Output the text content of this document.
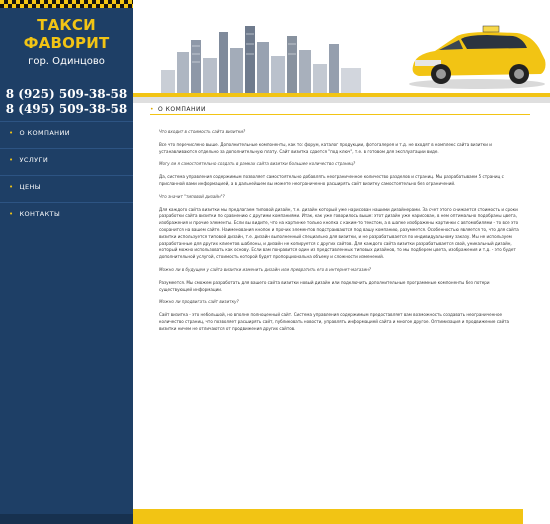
ТАКСИ ФАВОРИТ
гор. Одинцово
8 (925) 509-38-58
8 (495) 509-38-58
• О КОМПАНИИ
• УСЛУГИ
• ЦЕНЫ
• КОНТАКТЫ
• О КОМПАНИИ

Что входит в стоимость сайта визитки?

Все что перечислено выше. Дополнительные компоненты, как то: форум, каталог продукции, фотогалерея и т.д. не входят в комплекс сайта визитки и устанавливаются отдельно за дополнительную плату. Сайт визитка сдается "под ключ", т.е. в готовом для эксплуатации виде.

Могу ли я самостоятельно создать в рамках сайта визитки большее количество страниц?

Да, система управления содержимым позволяет самостоятельно добавлять неограниченное количество разделов и страниц. Мы разрабатываем 5 страниц с присланной вами информацией, а в дальнейшем вы можете неограниченно расширять сайт визитку самостоятельно без ограничений.

Что значит "типовой дизайн"?

Для каждого сайта визитки мы предлагаем типовой дизайн, т.е. дизайн который уже нарисован нашими дизайнерами. За счет этого снижается стоимость и сроки разработки сайта визитки по сравнению с другими компаниями. Итак, как уже говорилось выше: этот дизайн уже нарисован, в нем оптимально подобраны цвета, изображения и прочие элементы. Если вы видите, что на картинке только кнопка с каким-то текстом, а в шапке изображены картинки с автомобилями - то все это сохранится на вашем сайте. Наименования кнопок и прочих элементов подстраиваются под вашу компанию, разумеется. Особенностью является то, что для сайта визитки используется типовой дизайн, т.е. дизайн выполненный специально для визитки, и не разрабатывается по индивидуальному заказу. Мы не используем разработанные для других клиентов шаблоны, и дизайн не копируется с других сайтов. Для каждого сайта визитки разрабатывается свой, уникальный дизайн, который можно использовать как основу. Если вам понравится один из представленных типовых дизайнов, то мы подберем цвета, изображения и т.д. - это будет дополнительной услугой, стоимость которой будет пропорциональна объему и сложности изменений.

Можно ли в будущем у сайта визитки изменить дизайн или превратить его в интернет-магазин?

Разумеется. Мы сможем разработать для вашего сайта визитки новый дизайн или подключить дополнительные программные компоненты без потери существующей информации.

Можно ли продвигать сайт визитку?

Сайт визитка - это небольшой, но вполне полноценный сайт. Система управления содержимым предоставляет вам возможность создавать неограниченное количество страниц, что позволяет расширять сайт, публиковать новости, управлять информацией сайта и многое другое. Оптимизация и продвижение сайта визитки ничем не отличаются от продвижения других сайтов.
